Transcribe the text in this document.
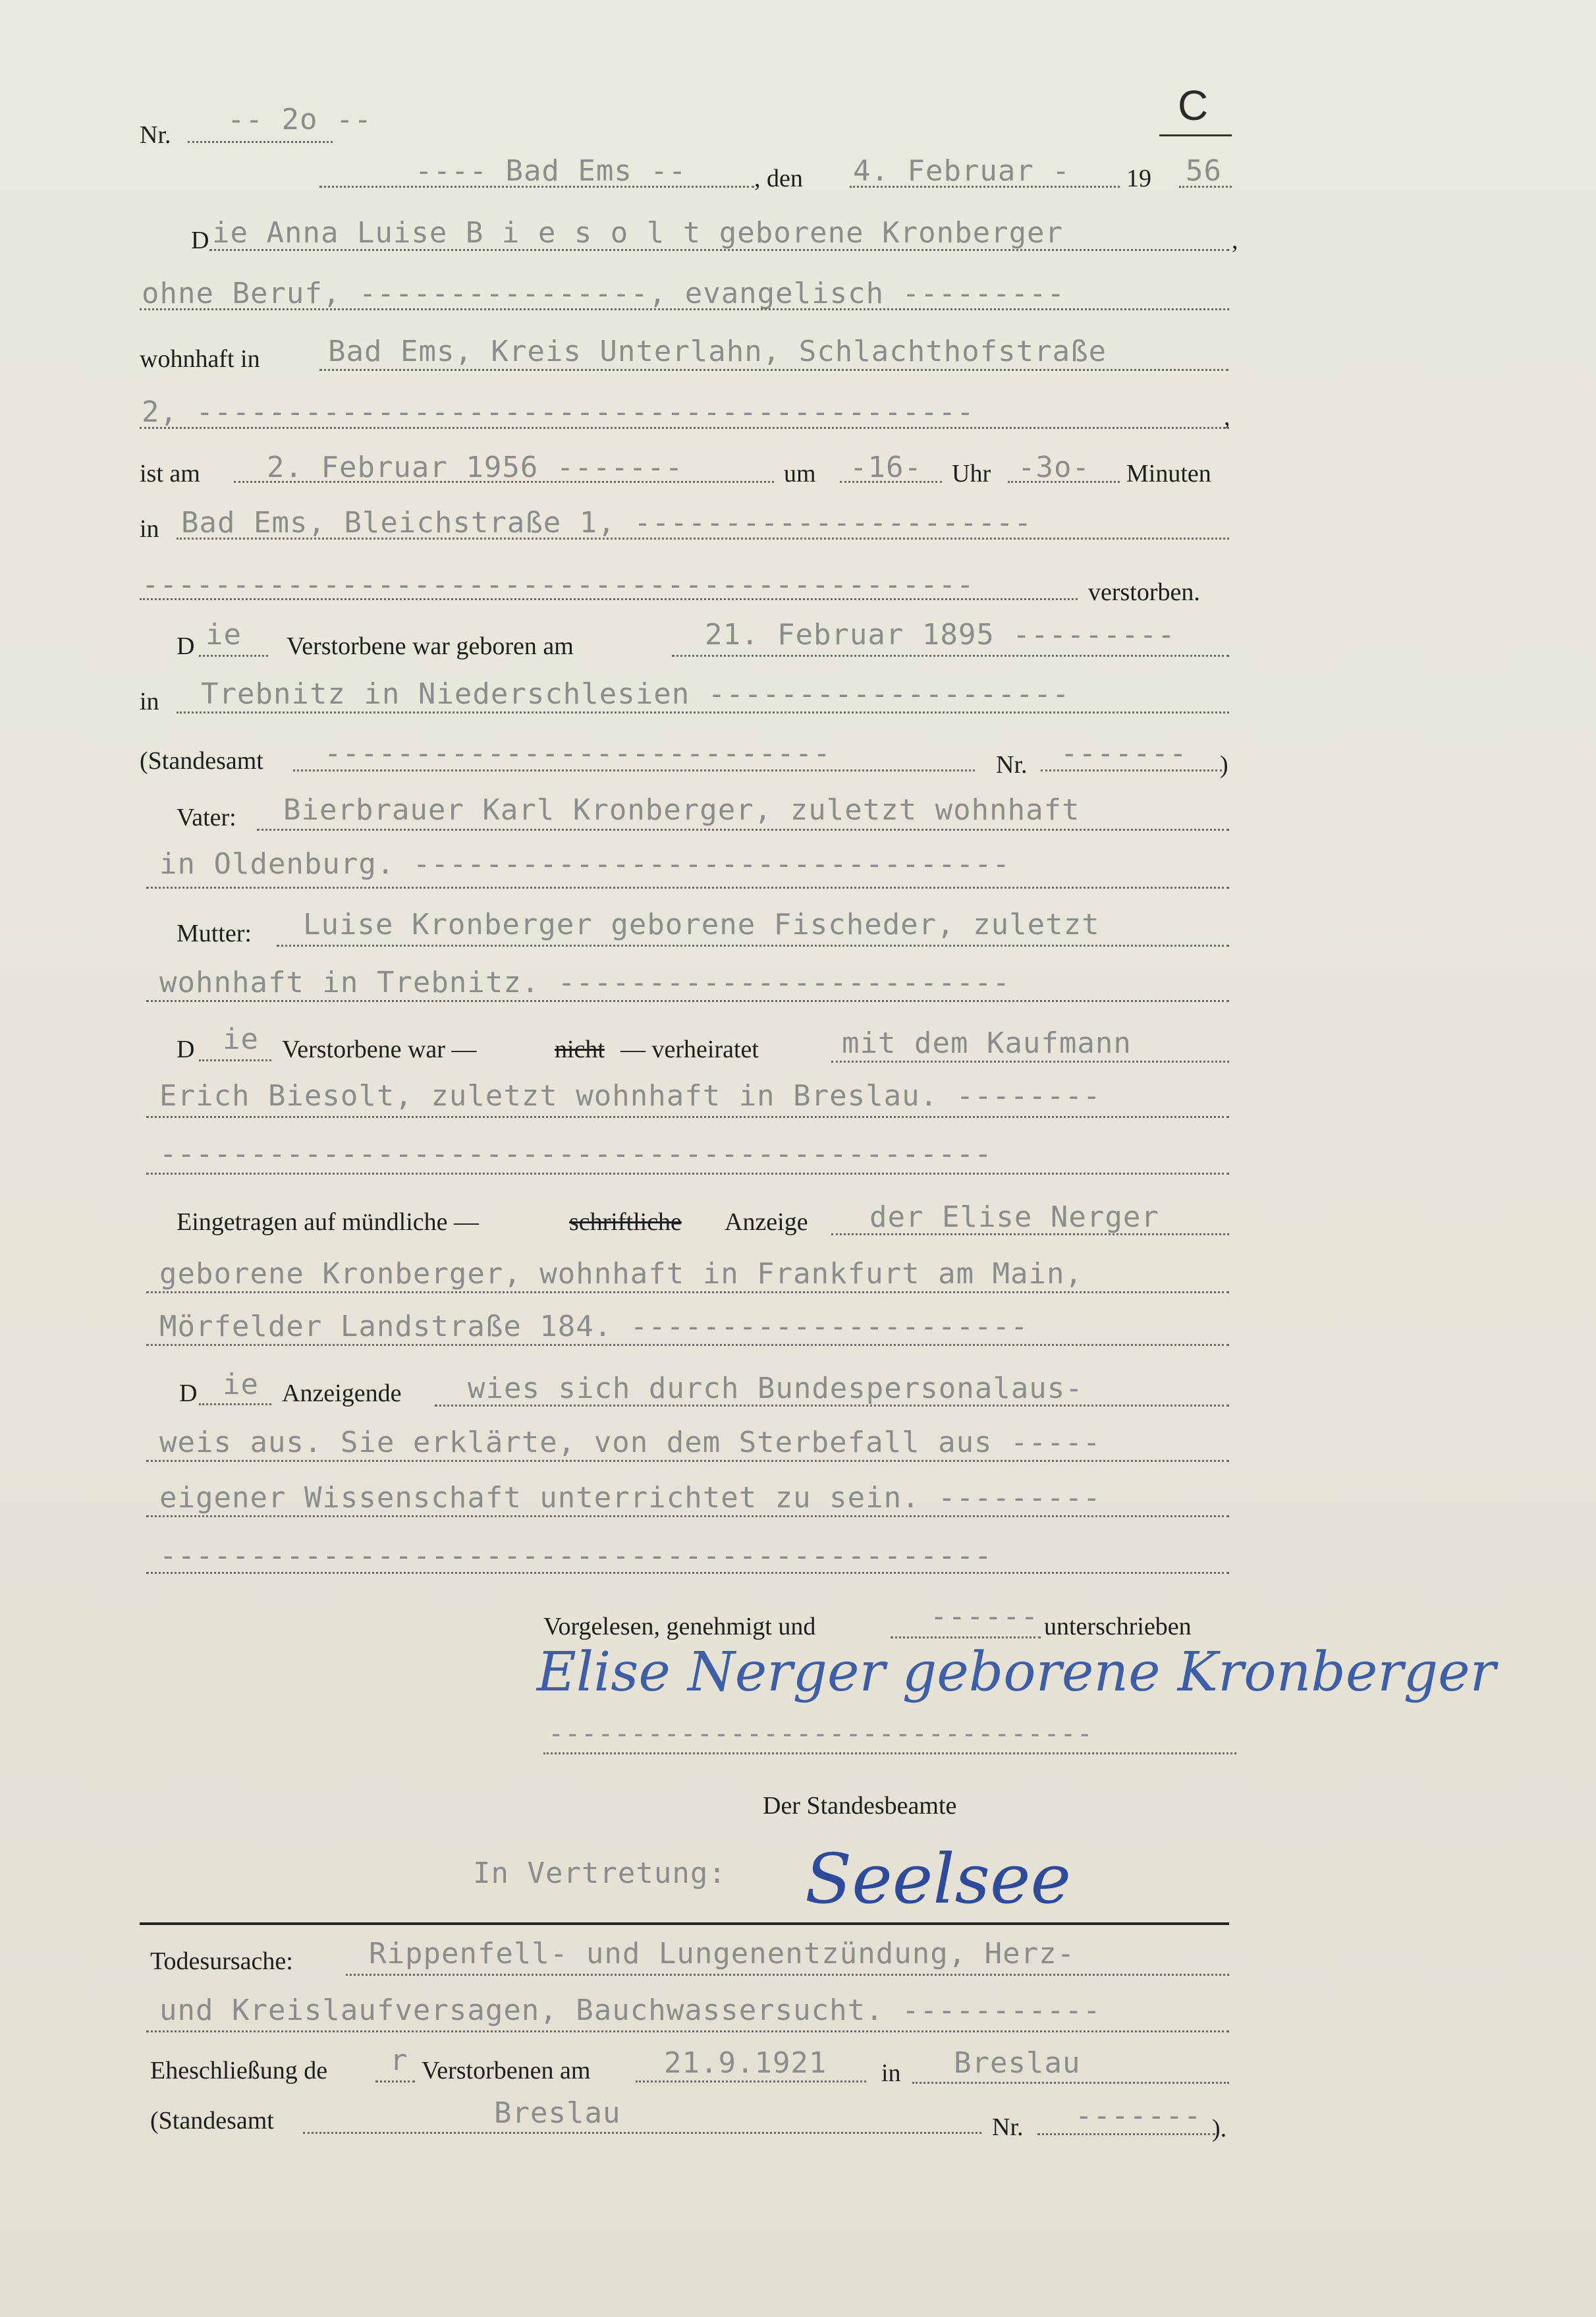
C
Nr. -- 2o --
---- Bad Ems --	, den 4. Februar - 19 56
D ie Anna Luise B i e s o l t geborene Kronberger	,
ohne Beruf, ----------------, evangelisch ---------
wohnhaft in Bad Ems, Kreis Unterlahn, Schlachthofstraße
2, -------------------------------------------	,
ist am 2. Februar 1956 -------	um -16- Uhr -3o- Minuten
in Bad Ems, Bleichstraße 1, ----------------------
----------------------------------------------	verstorben.
D ie Verstorbene war geboren am	21. Februar 1895 ---------
in Trebnitz in Niederschlesien --------------------
(Standesamt ----------------------------	Nr. ------- )
Vater: Bierbrauer Karl Kronberger, zuletzt wohnhaft
in Oldenburg. ---------------------------------
Mutter: Luise Kronberger geborene Fischeder, zuletzt
wohnhaft in Trebnitz. -------------------------
D ie Verstorbene war —	nicht — verheiratet	mit dem Kaufmann
Erich Biesolt, zuletzt wohnhaft in Breslau. --------
----------------------------------------------
Eingetragen auf mündliche —	schriftliche Anzeige der Elise Nerger
geborene Kronberger, wohnhaft in Frankfurt am Main,
Mörfelder Landstraße 184. ----------------------
D ie Anzeigende wies sich durch Bundespersonalaus-
weis aus. Sie erklärte, von dem Sterbefall aus -----
eigener Wissenschaft unterrichtet zu sein. ---------
----------------------------------------------
Vorgelesen, genehmigt und	------ unterschrieben
Elise Nerger geborene Kronberger
---------------------------------
Der Standesbeamte
In Vertretung: Seelsee
Todesursache:	Rippenfell- und Lungenentzündung, Herz-
und Kreislaufversagen, Bauchwassersucht. -----------
Eheschließung de r Verstorbenen am	21.9.1921 in Breslau
(Standesamt	Breslau	Nr. ------- ).
